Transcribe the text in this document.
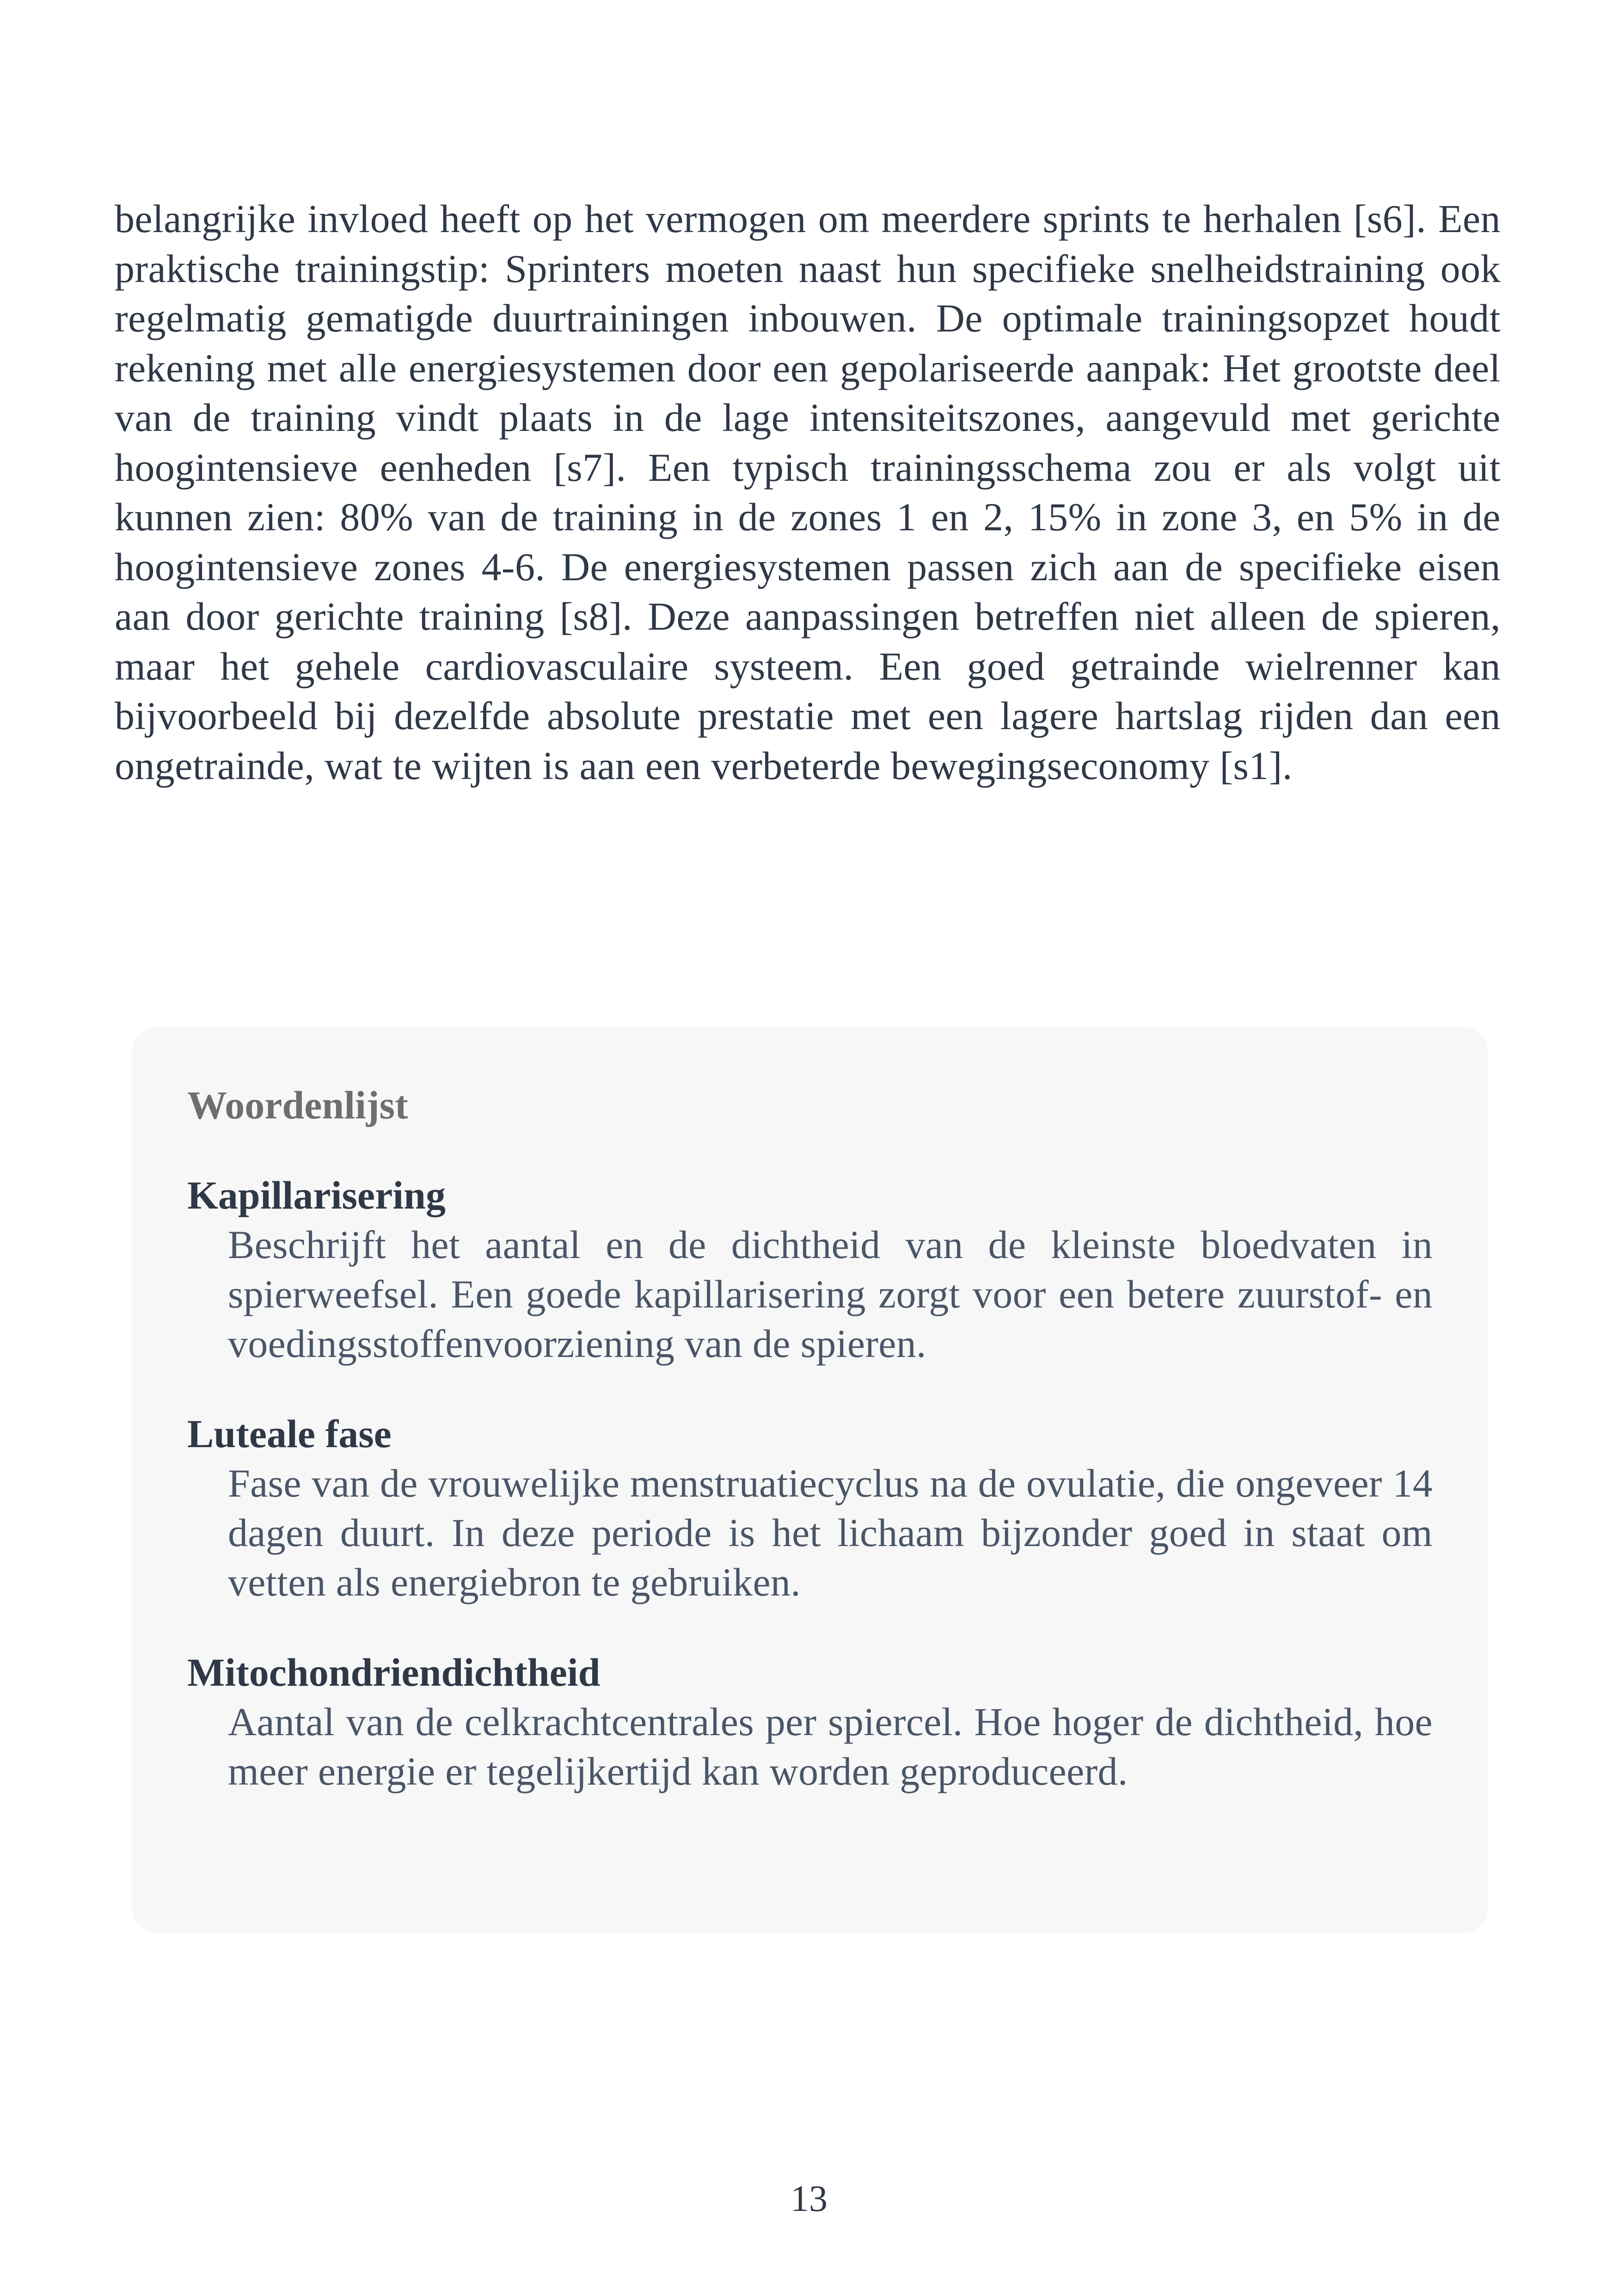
belangrijke invloed heeft op het vermogen om meerdere sprints te herhalen [s6]. Een praktische trainingstip: Sprinters moeten naast hun specifieke snelheidstraining ook regelmatig gematigde duurtrainingen inbouwen. De optimale trainingsopzet houdt rekening met alle energiesystemen door een gepolariseerde aanpak: Het grootste deel van de training vindt plaats in de lage intensiteitszones, aangevuld met gerichte hoogintensieve eenheden [s7]. Een typisch trainingsschema zou er als volgt uit kunnen zien: 80% van de training in de zones 1 en 2, 15% in zone 3, en 5% in de hoogintensieve zones 4-6. De energiesystemen passen zich aan de specifieke eisen aan door gerichte training [s8]. Deze aanpassingen betreffen niet alleen de spieren, maar het gehele cardiovasculaire systeem. Een goed getrainde wielrenner kan bijvoorbeeld bij dezelfde absolute prestatie met een lagere hartslag rijden dan een ongetrainde, wat te wijten is aan een verbeterde bewegingseconomy [s1].

Woordenlijst
Kapillarisering

Beschrijft het aantal en de dichtheid van de kleinste bloedvaten in spierweefsel. Een goede kapillarisering zorgt voor een betere zuurstof- en voedingsstoffenvoorziening van de spieren.

Luteale fase

Fase van de vrouwelijke menstruatiecyclus na de ovulatie, die ongeveer 14 dagen duurt. In deze periode is het lichaam bijzonder goed in staat om vetten als energiebron te gebruiken.

Mitochondriendichtheid

Aantal van de celkrachtcentrales per spiercel. Hoe hoger de dichtheid, hoe meer energie er tegelijkertijd kan worden geproduceerd.

13
